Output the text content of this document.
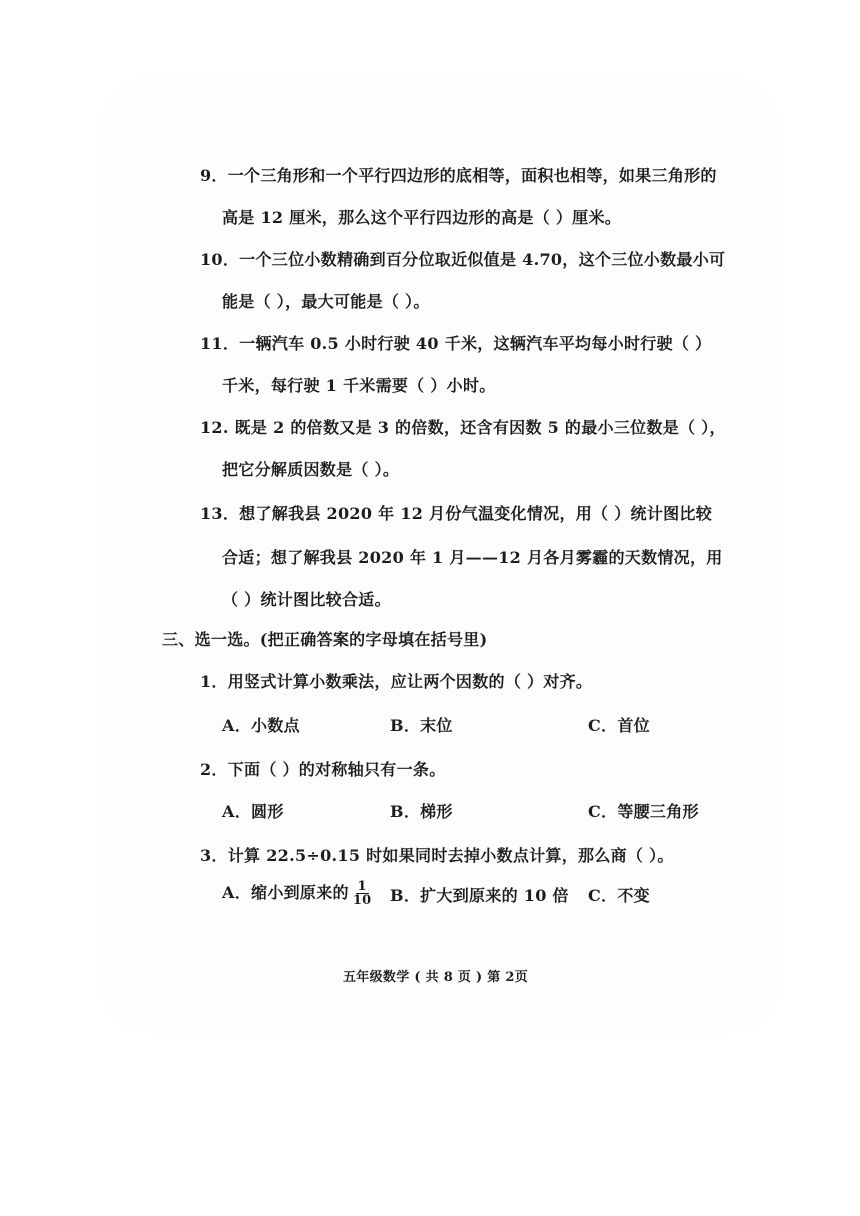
9．一个三角形和一个平行四边形的底相等，面积也相等，如果三角形的
高是 12 厘米，那么这个平行四边形的高是（ ）厘米。
10．一个三位小数精确到百分位取近似值是 4.70，这个三位小数最小可
能是（ ），最大可能是（ ）。
11．一辆汽车 0.5 小时行驶 40 千米，这辆汽车平均每小时行驶（ ）
千米，每行驶 1 千米需要（ ）小时。
12. 既是 2 的倍数又是 3 的倍数，还含有因数 5 的最小三位数是（ ），
把它分解质因数是（ ）。
13．想了解我县 2020 年 12 月份气温变化情况，用（ ）统计图比较
合适；想了解我县 2020 年 1 月——12 月各月雾霾的天数情况，用
（ ）统计图比较合适。
三、选一选。(把正确答案的字母填在括号里)
1．用竖式计算小数乘法，应让两个因数的（ ）对齐。
A．小数点	B．末位	C．首位
2．下面（ ）的对称轴只有一条。
A．圆形	B．梯形	C．等腰三角形
3．计算 22.5÷0.15 时如果同时去掉小数点计算，那么商（ ）。
A．缩小到原来的 $\frac{1}{10}$ B．扩大到原来的 10 倍 C．不变
五年级数学 ( 共 8 页 ) 第 2页
